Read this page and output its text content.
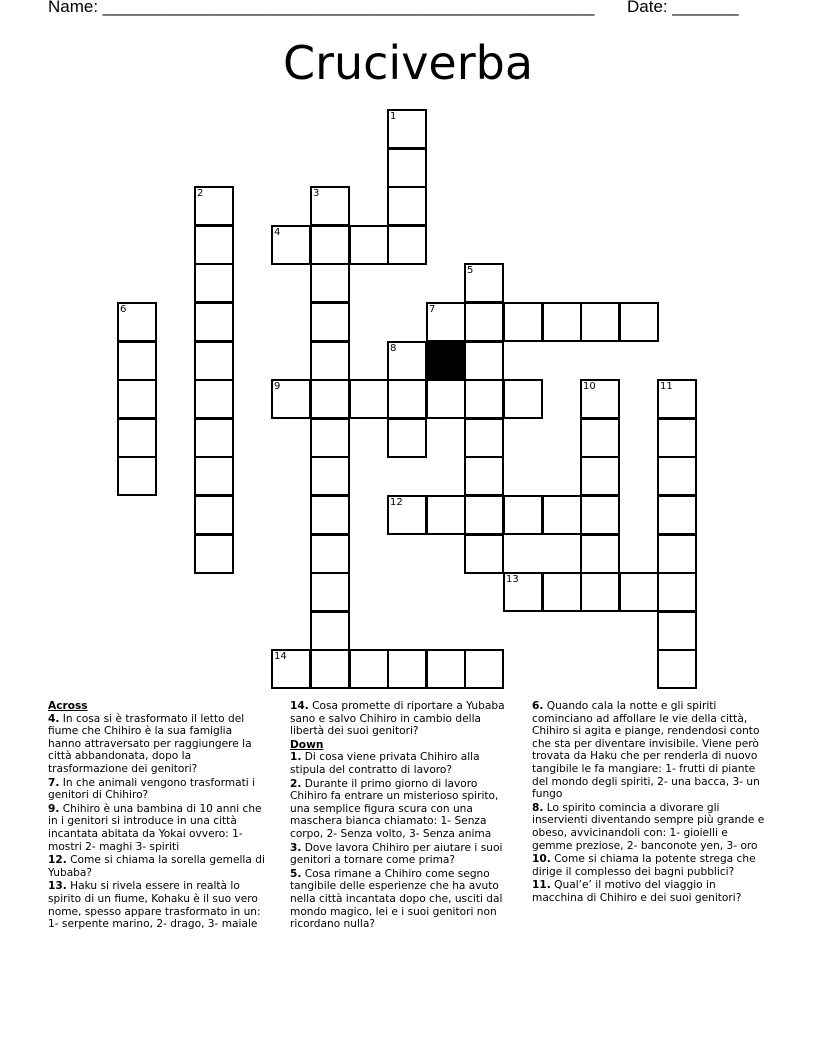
Name: ____________________________________________________ Date: _______
Cruciverba
1
2	3
4
5
6	7
8
9	10	11
12
13
14
Across
4. In cosa si è trasformato il letto del fiume che Chihiro è la sua famiglia hanno attraversato per raggiungere la città abbandonata, dopo la trasformazione dei genitori?
7. In che animali vengono trasformati i genitori di Chihiro?
9. Chihiro è una bambina di 10 anni che in i genitori si introduce in una città incantata abitata da Yokai ovvero: 1- mostri 2- maghi 3- spiriti
12. Come si chiama la sorella gemella di Yubaba?
13. Haku si rivela essere in realtà lo spirito di un fiume, Kohaku è il suo vero nome, spesso appare trasformato in un: 1- serpente marino, 2- drago, 3- maiale
14. Cosa promette di riportare a Yubaba sano e salvo Chihiro in cambio della libertà dei suoi genitori?
Down
1. Di cosa viene privata Chihiro alla stipula del contratto di lavoro?
2. Durante il primo giorno di lavoro Chihiro fa entrare un misterioso spirito, una semplice figura scura con una maschera bianca chiamato: 1- Senza corpo, 2- Senza volto, 3- Senza anima
3. Dove lavora Chihiro per aiutare i suoi genitori a tornare come prima?
5. Cosa rimane a Chihiro come segno tangibile delle esperienze che ha avuto nella città incantata dopo che, usciti dal mondo magico, lei e i suoi genitori non ricordano nulla?
6. Quando cala la notte e gli spiriti cominciano ad affollare le vie della città, Chihiro si agita e piange, rendendosi conto che sta per diventare invisibile. Viene però trovata da Haku che per renderla di nuovo tangibile le fa mangiare: 1- frutti di piante del mondo degli spiriti, 2- una bacca, 3- un fungo
8. Lo spirito comincia a divorare gli inservienti diventando sempre più grande e obeso, avvicinandoli con: 1- gioielli e gemme preziose, 2- banconote yen, 3- oro
10. Come si chiama la potente strega che dirige il complesso dei bagni pubblici?
11. Qual’e’ il motivo del viaggio in macchina di Chihiro e dei suoi genitori?
